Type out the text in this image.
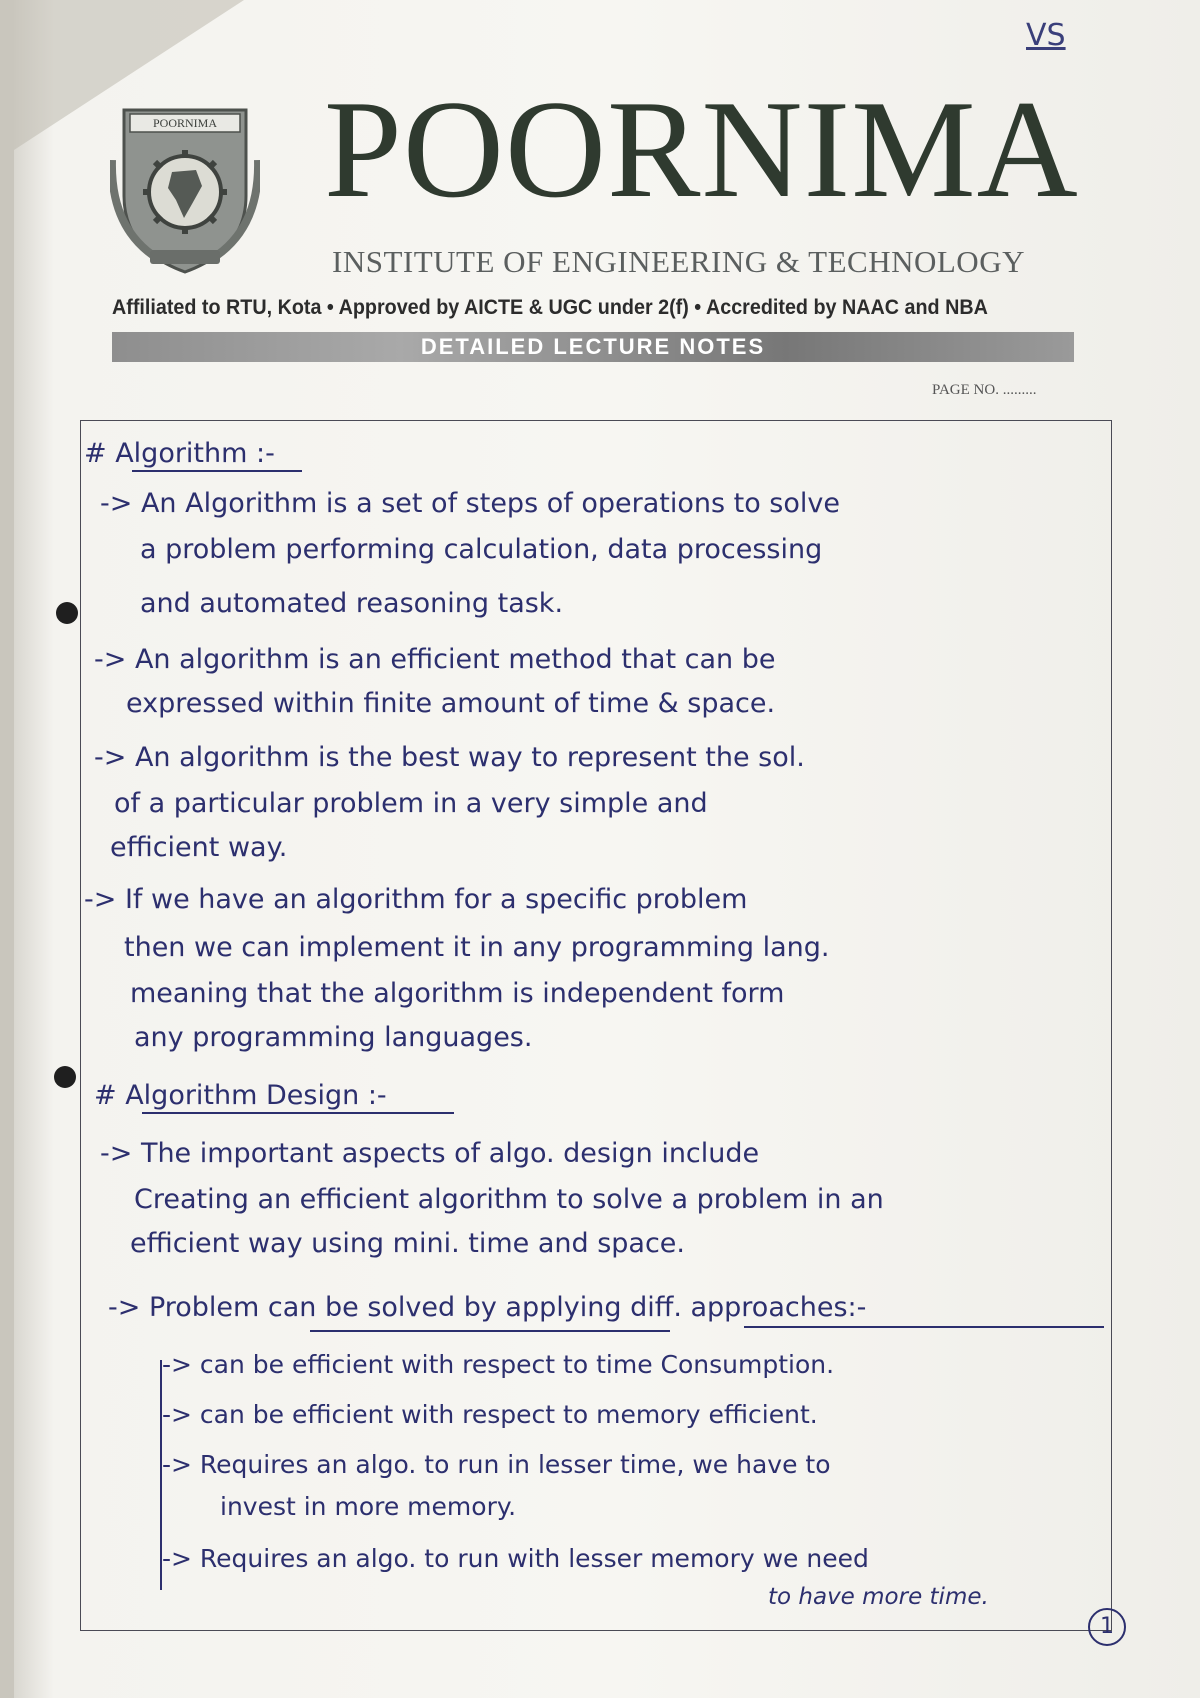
VS
POORNIMA POORNIMA
INSTITUTE OF ENGINEERING & TECHNOLOGY
Affiliated to RTU, Kota • Approved by AICTE & UGC under 2(f) • Accredited by NAAC and NBA
DETAILED LECTURE NOTES
PAGE NO. .........
# Algorithm :-
-> An Algorithm is a set of steps of operations to solve
a problem performing calculation, data processing
and automated reasoning task.
-> An algorithm is an efficient method that can be
expressed within finite amount of time & space.
-> An algorithm is the best way to represent the sol.
of a particular problem in a very simple and
efficient way.
-> If we have an algorithm for a specific problem
then we can implement it in any programming lang.
meaning that the algorithm is independent form
any programming languages.
# Algorithm Design :-
-> The important aspects of algo. design include
Creating an efficient algorithm to solve a problem in an
efficient way using mini. time and space.
-> Problem can be solved by applying diff. approaches:-
-> can be efficient with respect to time Consumption.
-> can be efficient with respect to memory efficient.
-> Requires an algo. to run in lesser time, we have to
invest in more memory.
-> Requires an algo. to run with lesser memory we need
to have more time.
1
